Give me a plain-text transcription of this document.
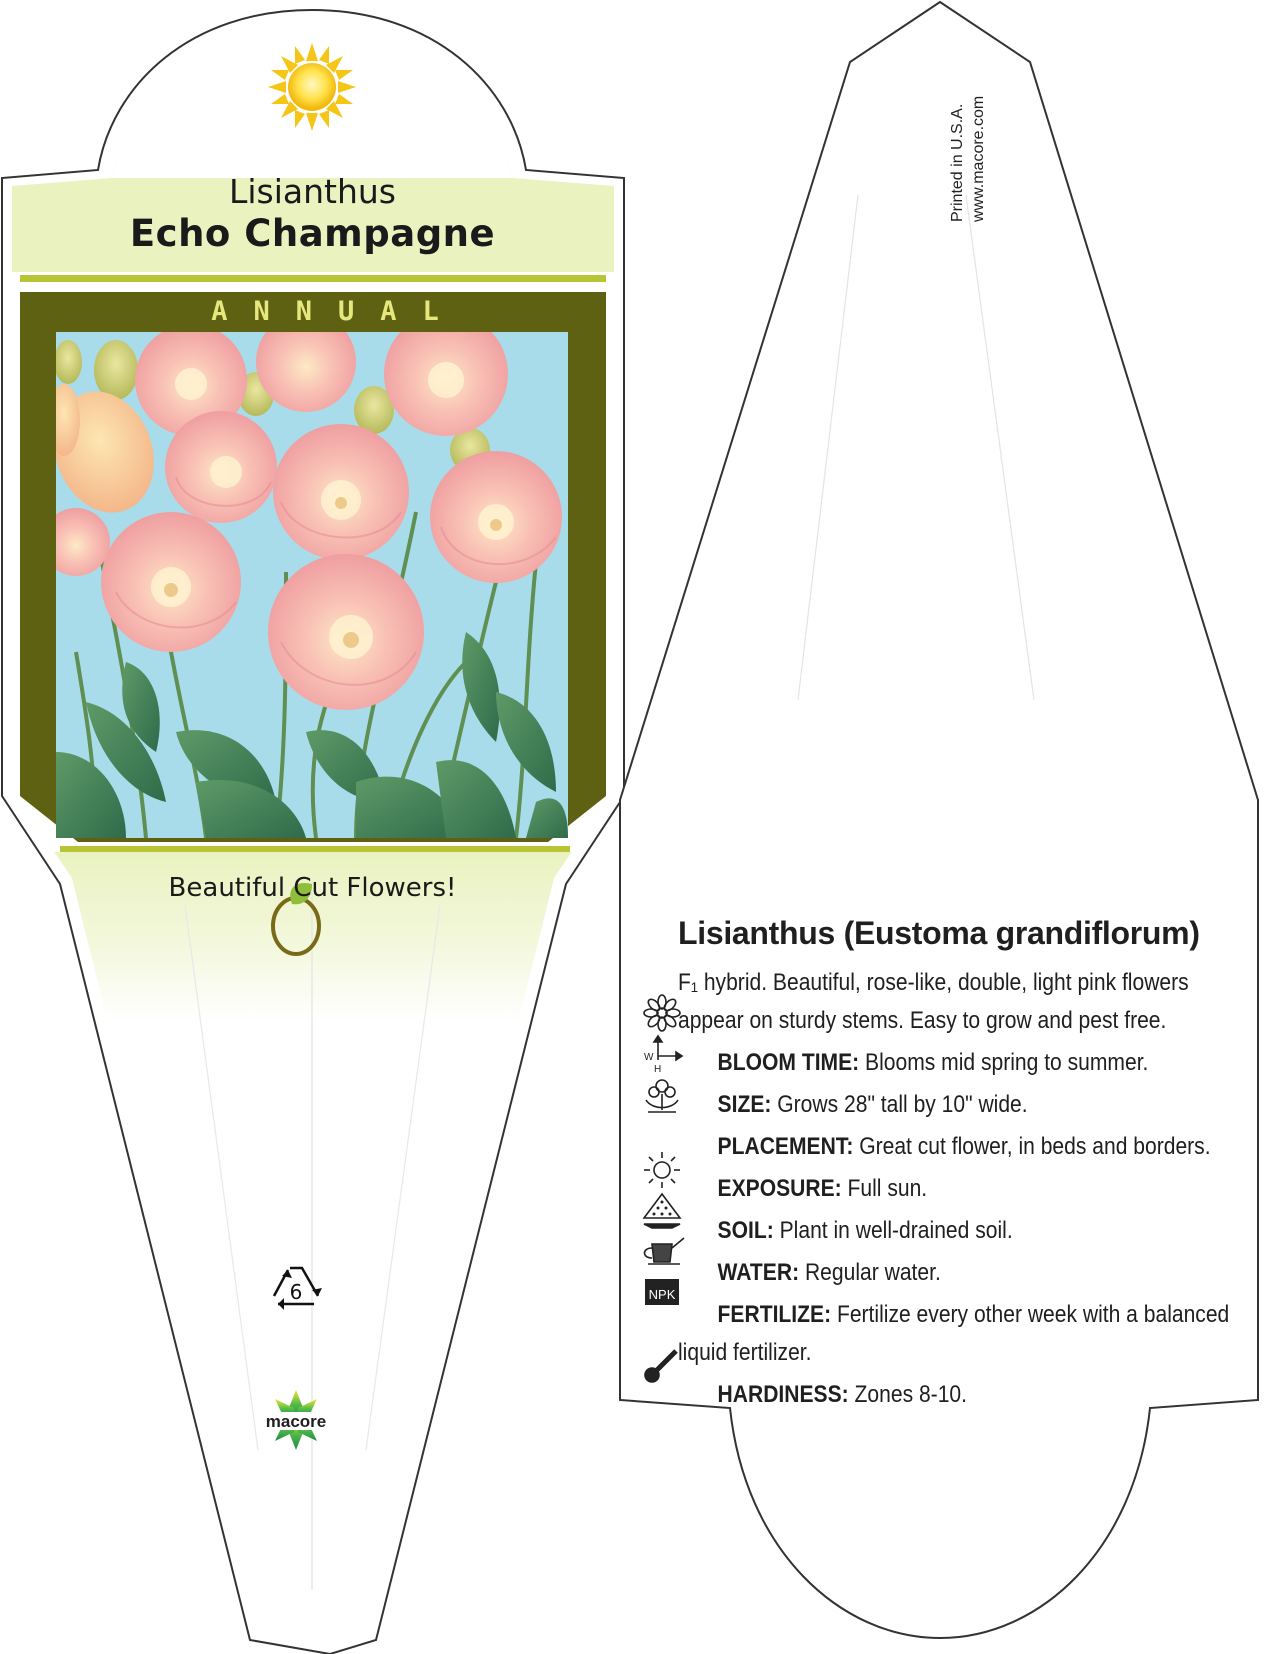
6
macore
W
H
NPK
Lisianthus
Echo Champagne
ANNUAL
Beautiful Cut Flowers!
Printed in U.S.A. www.macore.com
Lisianthus (Eustoma grandiflorum)
F₁ hybrid. Beautiful, rose-like, double, light pink flowers appear on sturdy stems. Easy to grow and pest free.
BLOOM TIME: Blooms mid spring to summer.
SIZE: Grows 28" tall by 10" wide.
PLACEMENT: Great cut flower, in beds and borders.
EXPOSURE: Full sun.
SOIL: Plant in well-drained soil.
WATER: Regular water.
FERTILIZE: Fertilize every other week with a balanced liquid fertilizer.
HARDINESS: Zones 8-10.
